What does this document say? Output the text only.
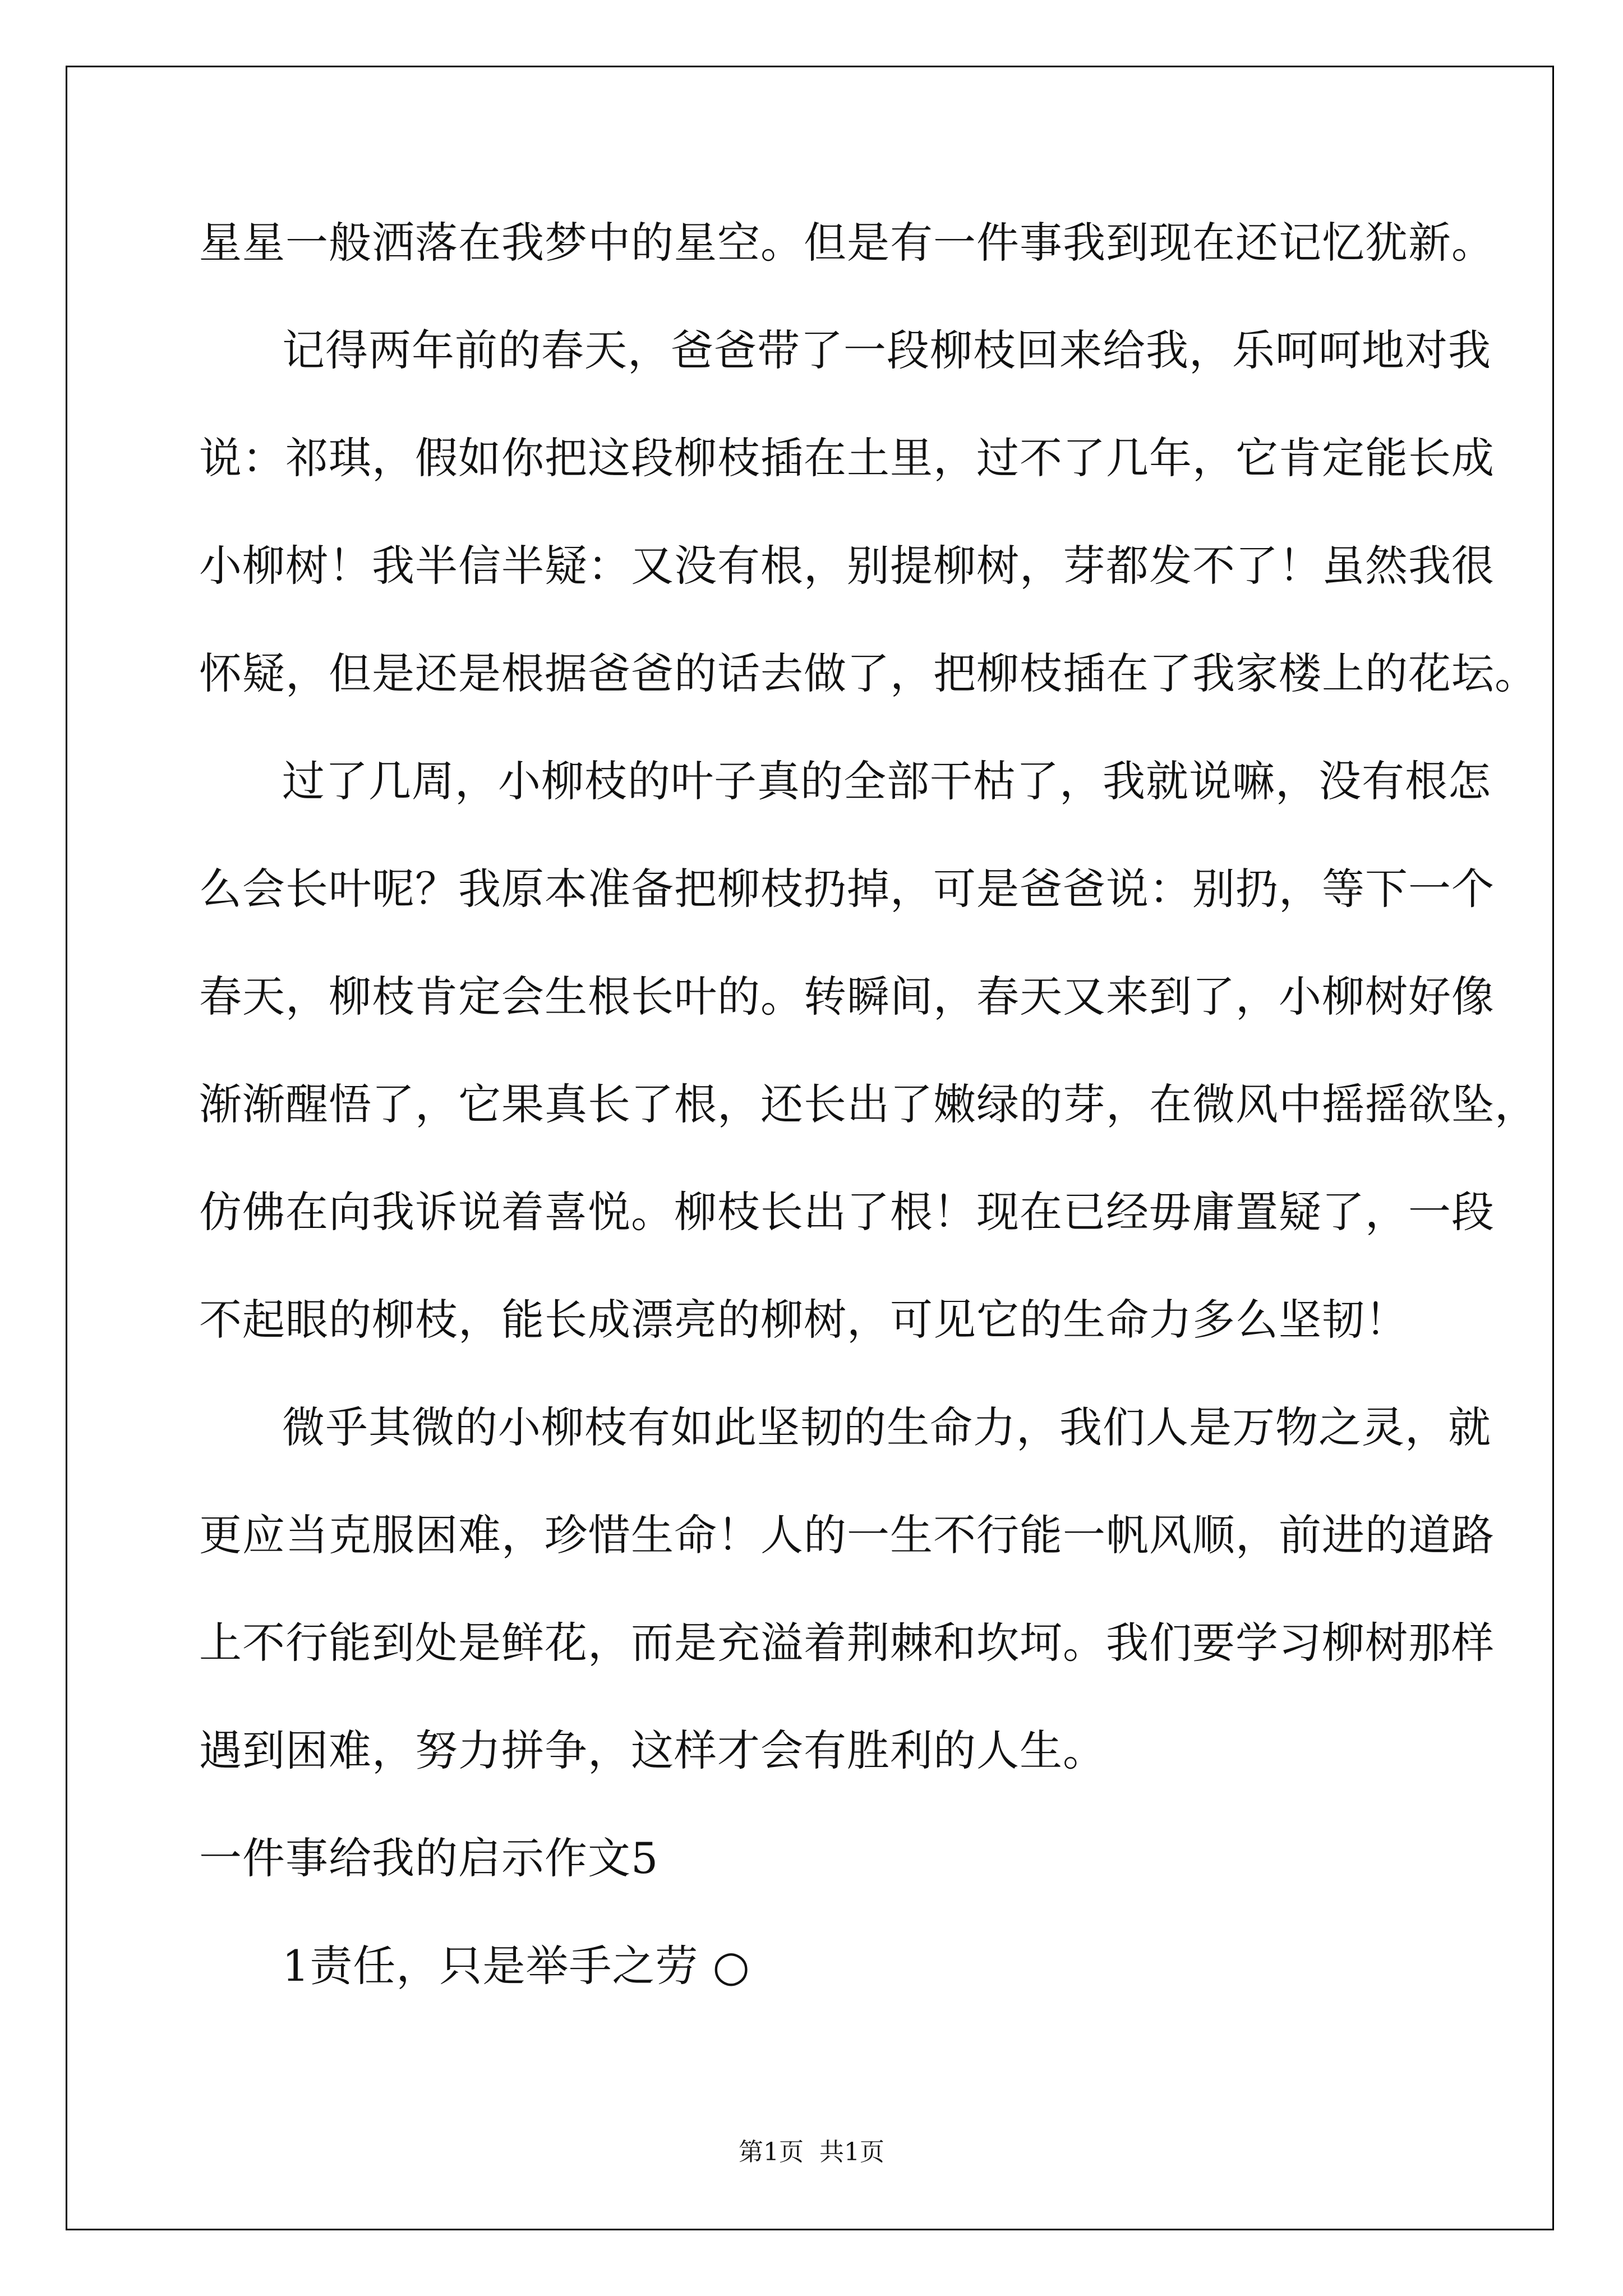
星星一般洒落在我梦中的星空。但是有一件事我到现在还记忆犹新。
记得两年前的春天，爸爸带了一段柳枝回来给我，乐呵呵地对我
说：祁琪，假如你把这段柳枝插在土里，过不了几年，它肯定能长成
小柳树！我半信半疑：又没有根，别提柳树，芽都发不了！虽然我很
怀疑，但是还是根据爸爸的话去做了，把柳枝插在了我家楼上的花坛。
过了几周，小柳枝的叶子真的全部干枯了，我就说嘛，没有根怎
么会长叶呢？我原本准备把柳枝扔掉，可是爸爸说：别扔，等下一个
春天，柳枝肯定会生根长叶的。转瞬间，春天又来到了，小柳树好像
渐渐醒悟了，它果真长了根，还长出了嫩绿的芽，在微风中摇摇欲坠，
仿佛在向我诉说着喜悦。柳枝长出了根！现在已经毋庸置疑了，一段
不起眼的柳枝，能长成漂亮的柳树，可见它的生命力多么坚韧！
微乎其微的小柳枝有如此坚韧的生命力，我们人是万物之灵，就
更应当克服困难，珍惜生命！人的一生不行能一帆风顺，前进的道路
上不行能到处是鲜花，而是充溢着荆棘和坎坷。我们要学习柳树那样
遇到困难，努力拼争，这样才会有胜利的人生。
一件事给我的启示作文5
1责任，只是举手之劳 ○
第1页  共1页
